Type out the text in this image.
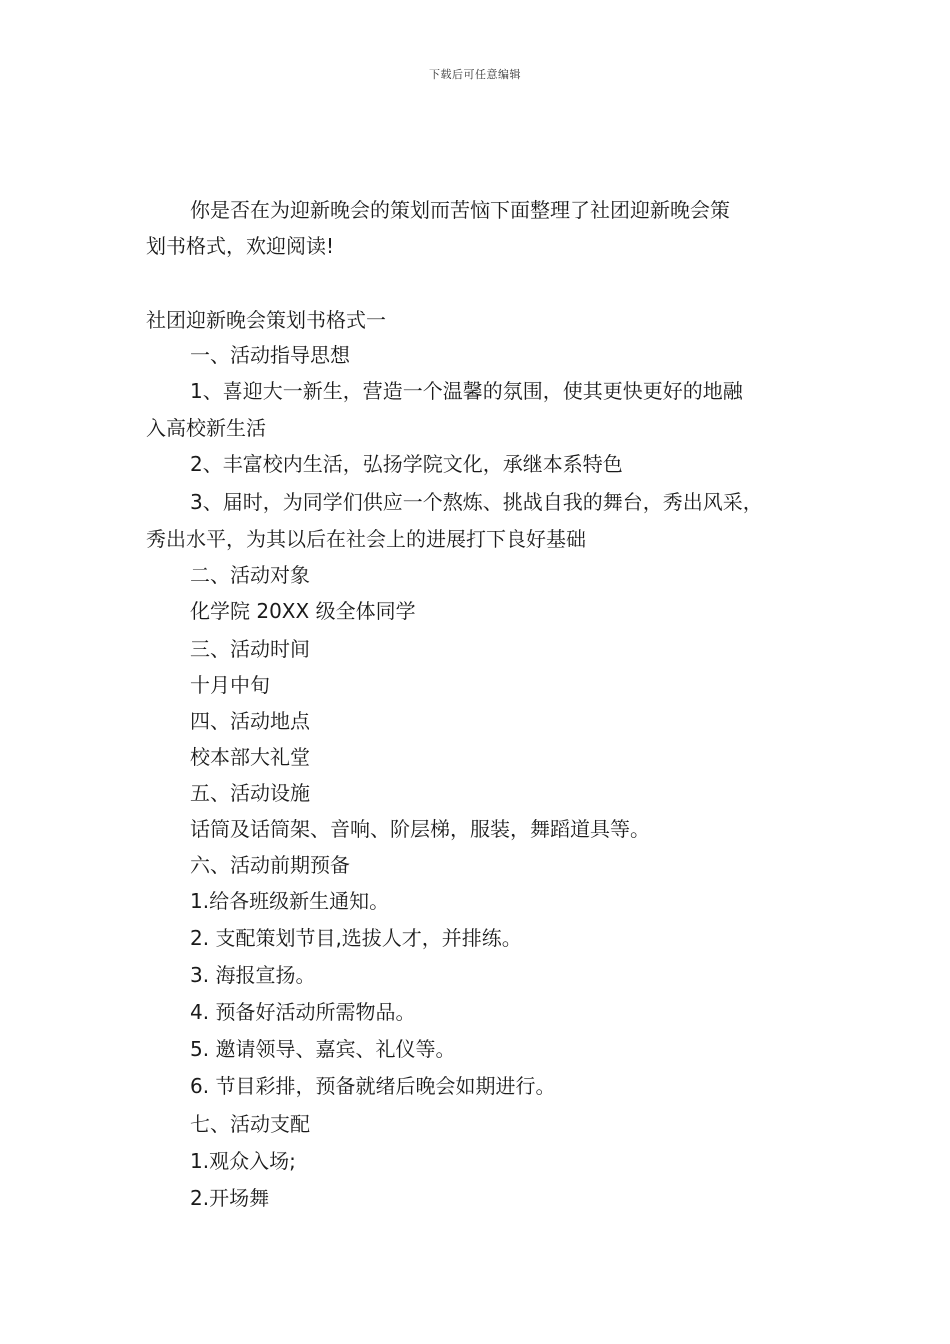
下载后可任意编辑
你是否在为迎新晚会的策划而苦恼下面整理了社团迎新晚会策
划书格式，欢迎阅读!
社团迎新晚会策划书格式一
一、活动指导思想
1、喜迎大一新生，营造一个温馨的氛围，使其更快更好的地融
入高校新生活
2、丰富校内生活，弘扬学院文化，承继本系特色
3、届时，为同学们供应一个熬炼、挑战自我的舞台，秀出风采，
秀出水平，为其以后在社会上的进展打下良好基础
二、活动对象
化学院 20XX 级全体同学
三、活动时间
十月中旬
四、活动地点
校本部大礼堂
五、活动设施
话筒及话筒架、音响、阶层梯，服装，舞蹈道具等。
六、活动前期预备
1.给各班级新生通知。
2. 支配策划节目,选拔人才，并排练。
3. 海报宣扬。
4. 预备好活动所需物品。
5. 邀请领导、嘉宾、礼仪等。
6. 节目彩排，预备就绪后晚会如期进行。
七、活动支配
1.观众入场;
2.开场舞
